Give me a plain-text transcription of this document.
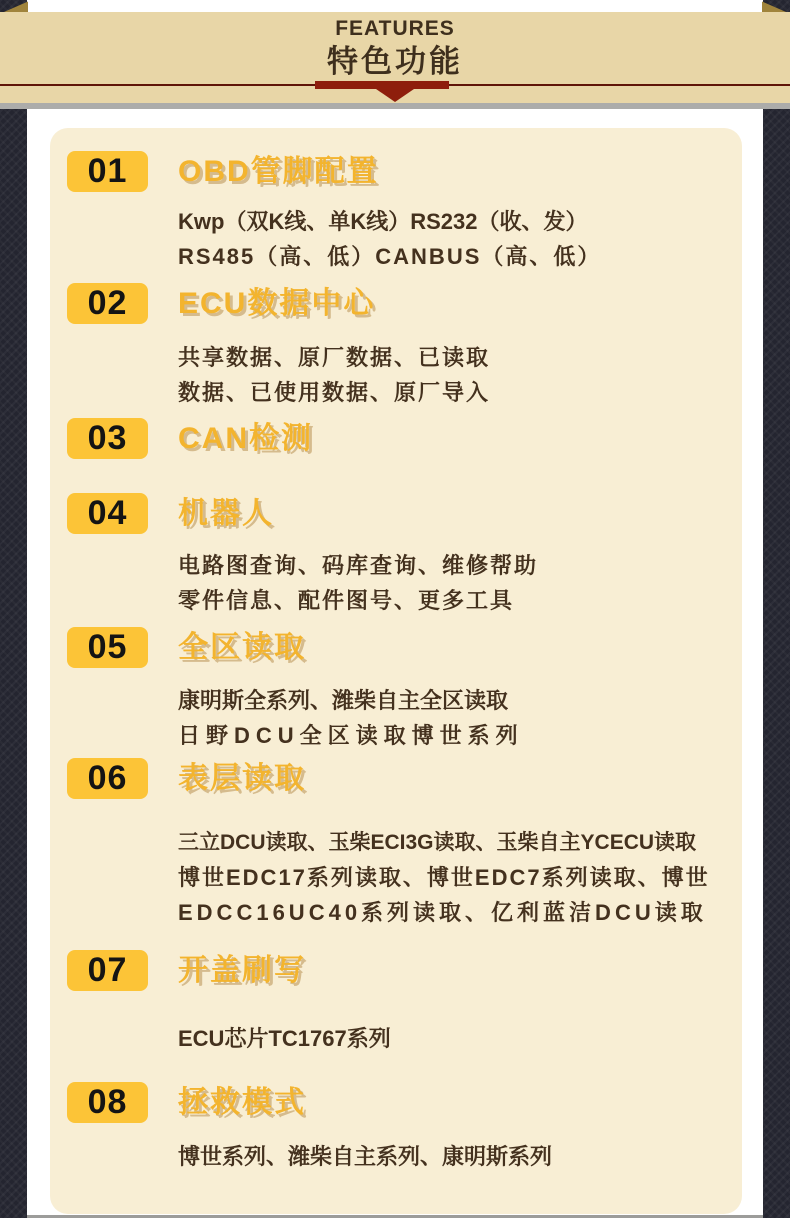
FEATURES
特色功能
01 OBD管脚配置
Kwp（双K线、单K线）RS232（收、发）
RS485（高、低）CANBUS（高、低）
02 ECU数据中心
共享数据、原厂数据、已读取
数据、已使用数据、原厂导入
03 CAN检测
04 机器人
电路图查询、码库查询、维修帮助
零件信息、配件图号、更多工具
05 全区读取
康明斯全系列、潍柴自主全区读取
日野DCU全区读取博世系列
06 表层读取
三立DCU读取、玉柴ECI3G读取、玉柴自主YCECU读取
博世EDC17系列读取、博世EDC7系列读取、博世
EDCC16UC40系列读取、亿利蓝洁DCU读取
07 开盖刷写
ECU芯片TC1767系列
08 拯救模式
博世系列、潍柴自主系列、康明斯系列
